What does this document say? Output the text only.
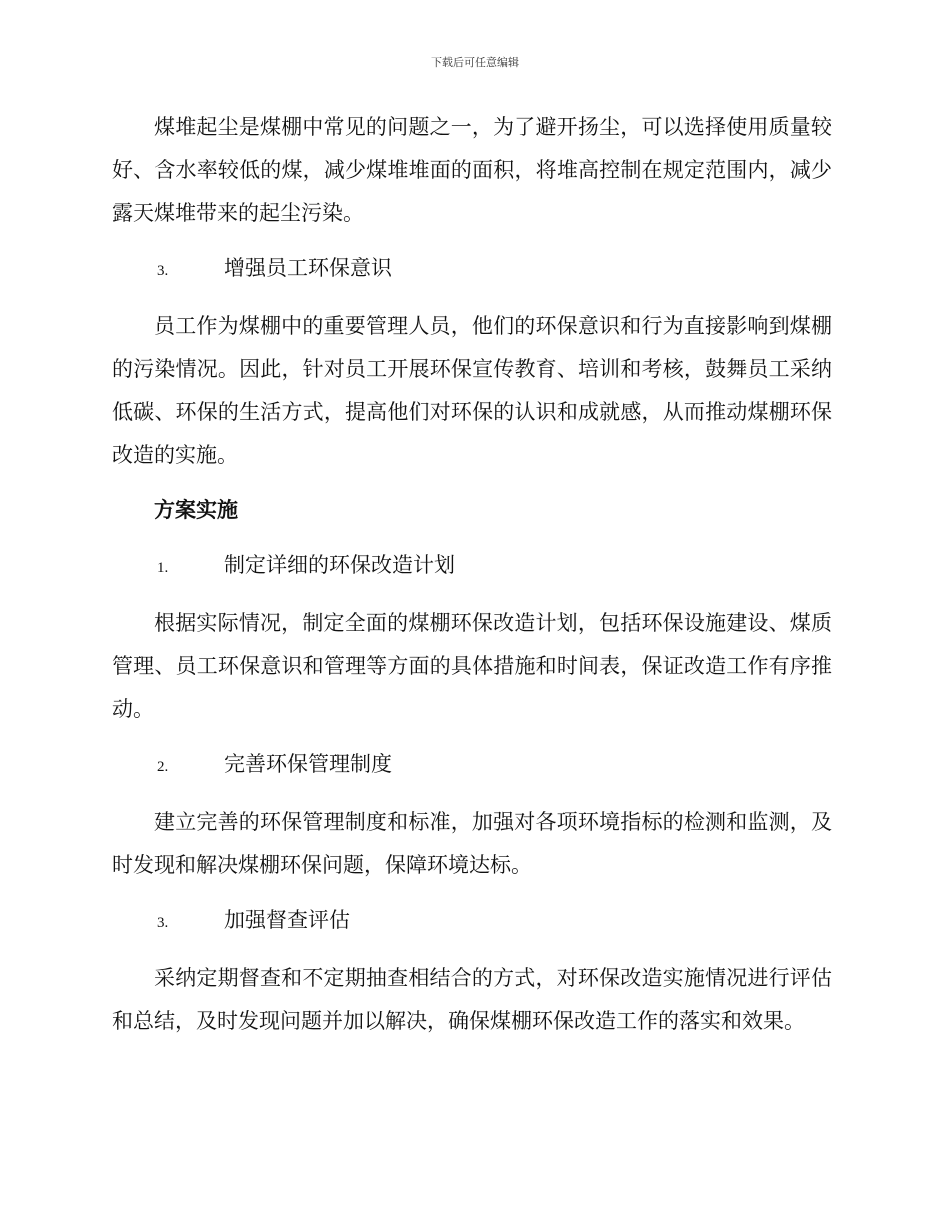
下载后可任意编辑

煤堆起尘是煤棚中常见的问题之一，为了避开扬尘，可以选择使用质量较好、含水率较低的煤，减少煤堆堆面的面积，将堆高控制在规定范围内，减少露天煤堆带来的起尘污染。

3.	增强员工环保意识

员工作为煤棚中的重要管理人员，他们的环保意识和行为直接影响到煤棚的污染情况。因此，针对员工开展环保宣传教育、培训和考核，鼓舞员工采纳低碳、环保的生活方式，提高他们对环保的认识和成就感，从而推动煤棚环保改造的实施。

方案实施
1.	制定详细的环保改造计划

根据实际情况，制定全面的煤棚环保改造计划，包括环保设施建设、煤质管理、员工环保意识和管理等方面的具体措施和时间表，保证改造工作有序推动。

2.	完善环保管理制度

建立完善的环保管理制度和标准，加强对各项环境指标的检测和监测，及时发现和解决煤棚环保问题，保障环境达标。

3.	加强督查评估

采纳定期督查和不定期抽查相结合的方式，对环保改造实施情况进行评估和总结，及时发现问题并加以解决，确保煤棚环保改造工作的落实和效果。
